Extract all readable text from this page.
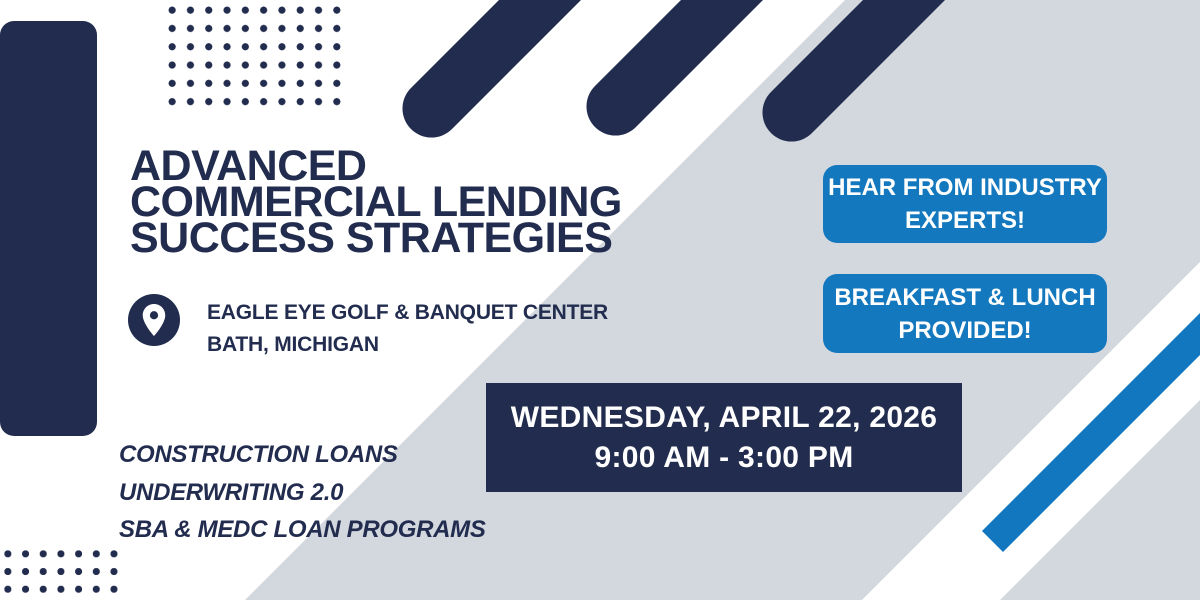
ADVANCED
COMMERCIAL LENDING
SUCCESS STRATEGIES
EAGLE EYE GOLF & BANQUET CENTER
BATH, MICHIGAN
HEAR FROM INDUSTRY
EXPERTS!
BREAKFAST & LUNCH
PROVIDED!
WEDNESDAY, APRIL 22, 2026
9:00 AM - 3:00 PM
CONSTRUCTION LOANS
UNDERWRITING 2.0
SBA & MEDC LOAN PROGRAMS
